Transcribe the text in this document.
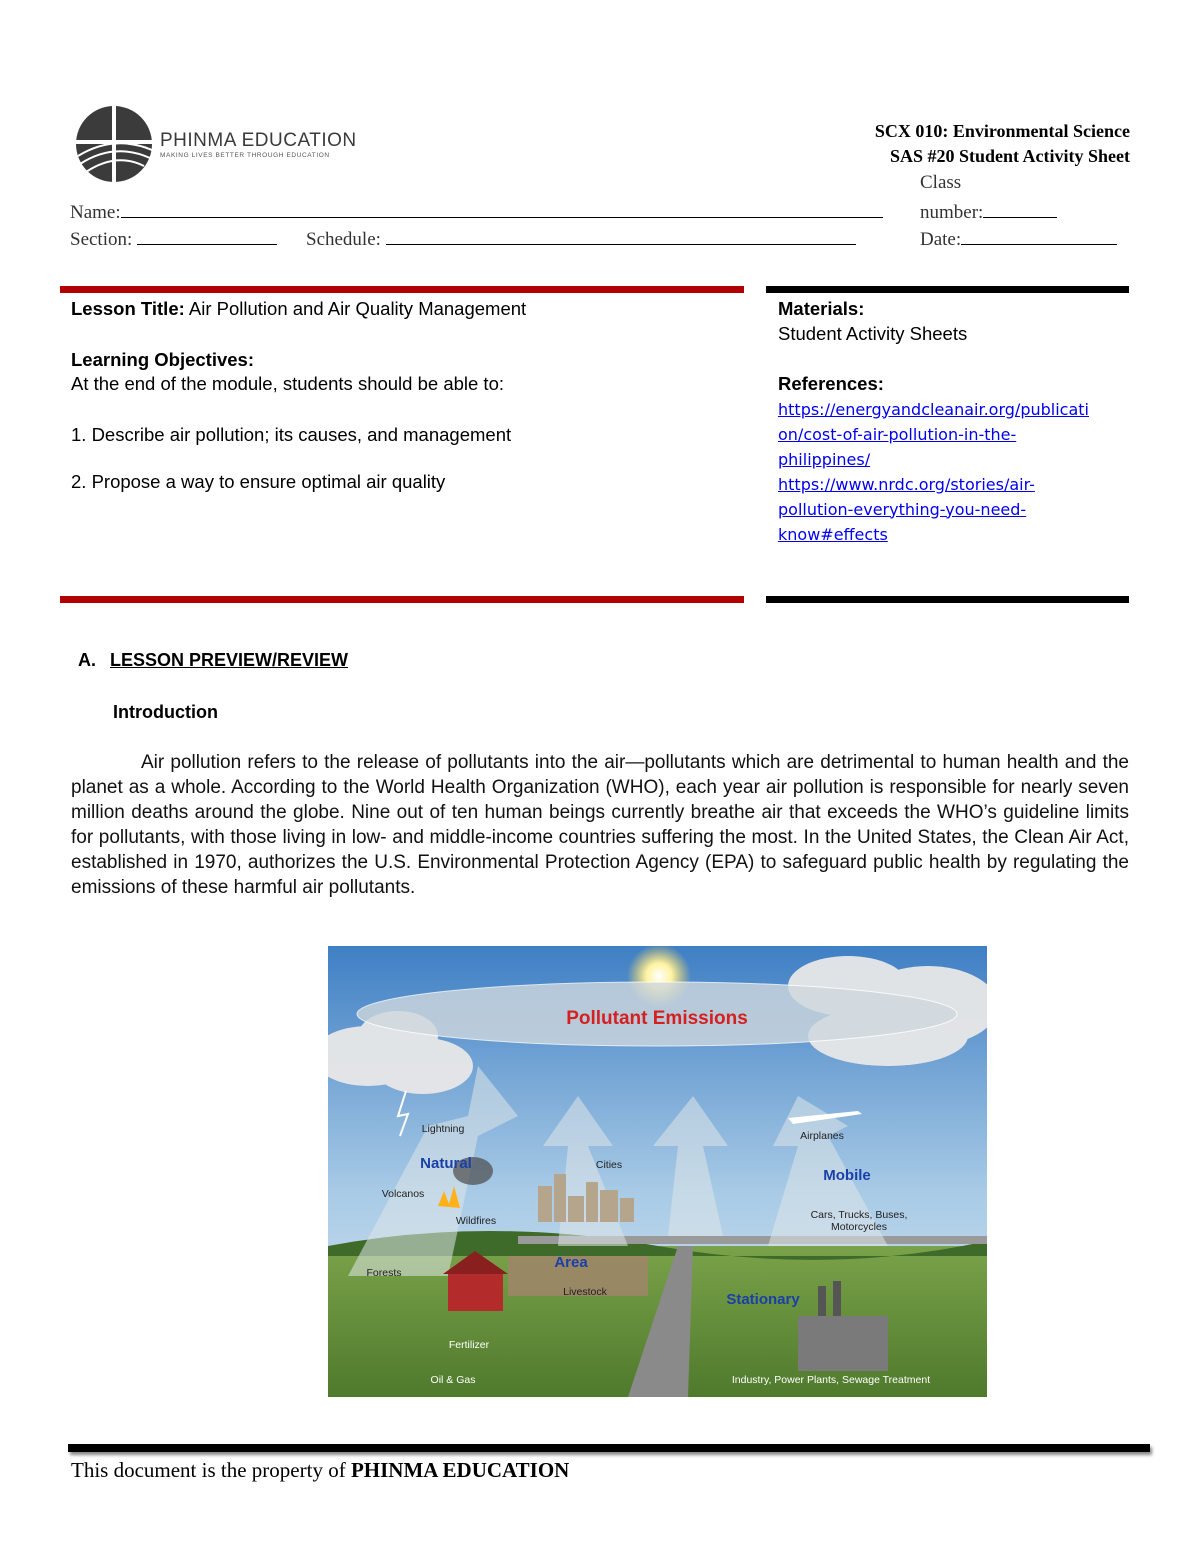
PHINMA EDUCATION
MAKING LIVES BETTER THROUGH EDUCATION
SCX 010: Environmental Science
SAS #20 Student Activity Sheet
Class
Name:	number:
Section:	Schedule:	Date:
Lesson Title: Air Pollution and Air Quality Management
Learning Objectives:
At the end of the module, students should be able to:
1. Describe air pollution; its causes, and management
2. Propose a way to ensure optimal air quality
Materials:
Student Activity Sheets
References:
https://energyandcleanair.org/publicati
on/cost-of-air-pollution-in-the-
philippines/
https://www.nrdc.org/stories/air-
pollution-everything-you-need-
know#effects
A. LESSON PREVIEW/REVIEW
Introduction
Air pollution refers to the release of pollutants into the air—pollutants which are detrimental to human health and the planet as a whole. According to the World Health Organization (WHO), each year air pollution is responsible for nearly seven million deaths around the globe. Nine out of ten human beings currently breathe air that exceeds the WHO’s guideline limits for pollutants, with those living in low- and middle-income countries suffering the most. In the United States, the Clean Air Act, established in 1970, authorizes the U.S. Environmental Protection Agency (EPA) to safeguard public health by regulating the emissions of these harmful air pollutants.
Pollutant Emissions
Natural
Area
Mobile
Stationary
Lightning
Volcanos
Wildfires
Forests
Cities
Livestock
Fertilizer
Oil & Gas
Airplanes
Cars, Trucks, Buses,
Motorcycles
Industry, Power Plants, Sewage Treatment
This document is the property of PHINMA EDUCATION
